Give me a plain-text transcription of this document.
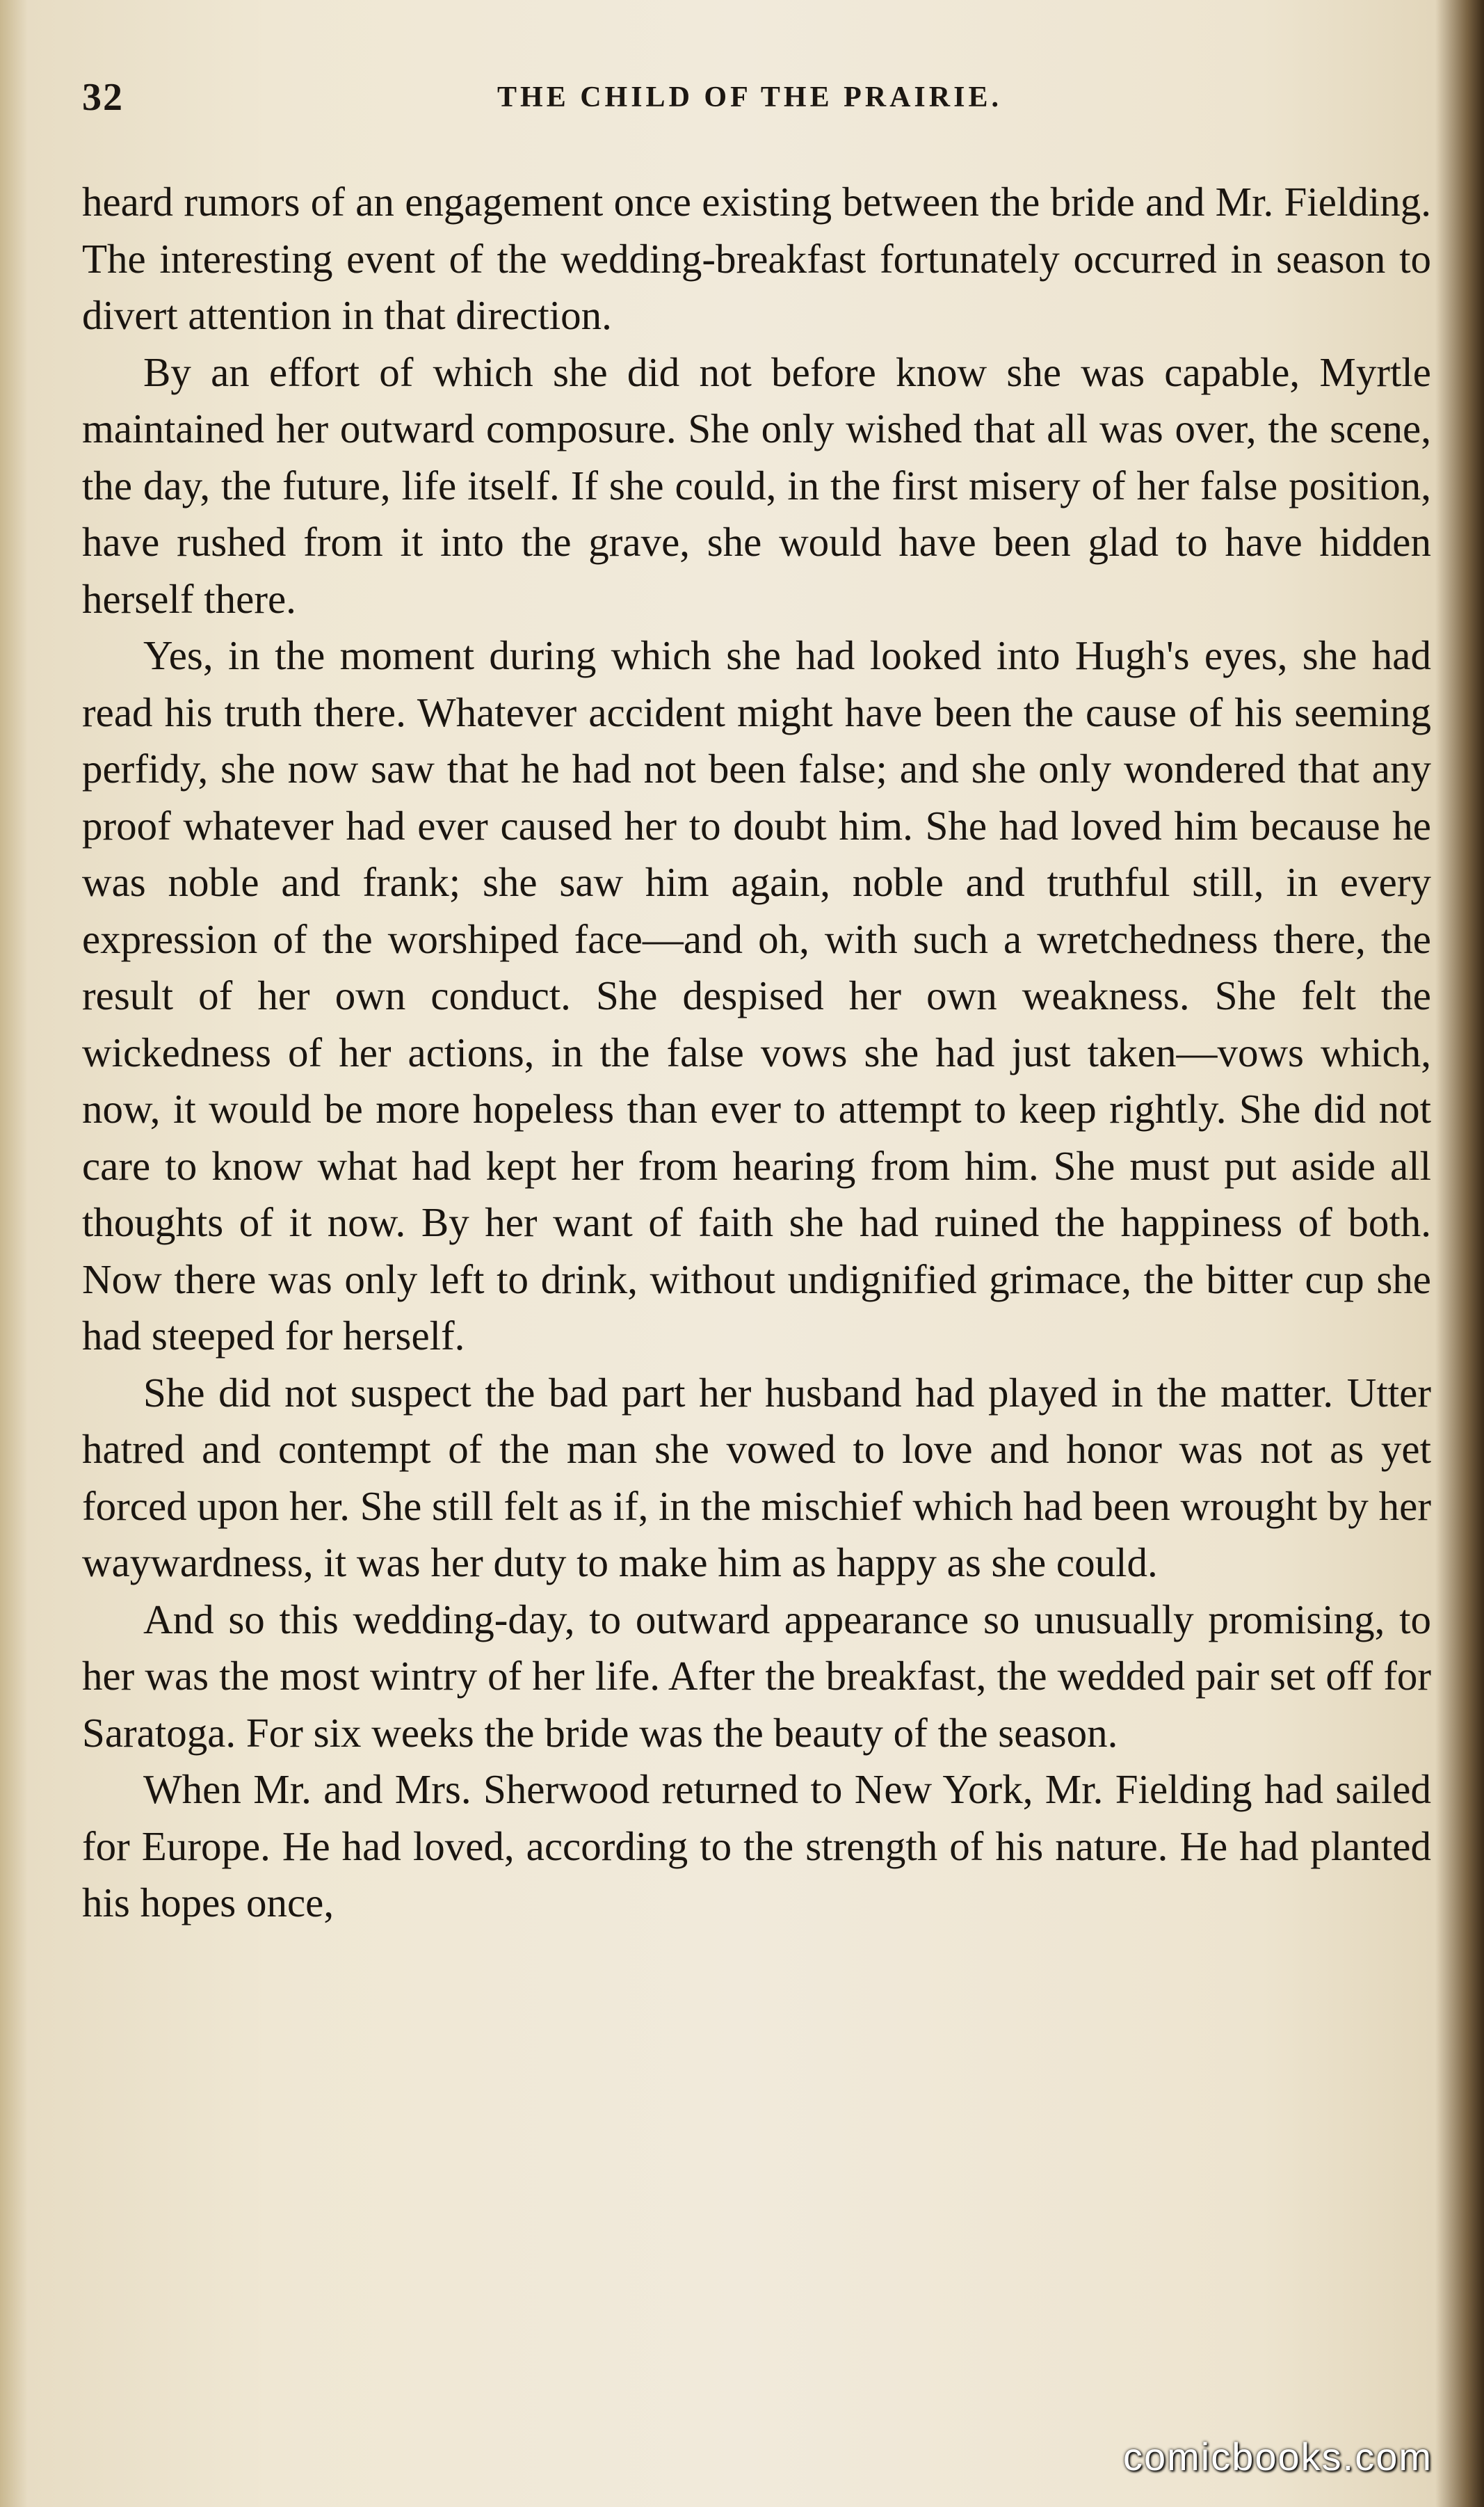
32	THE CHILD OF THE PRAIRIE.

heard rumors of an engagement once existing between the bride and Mr. Fielding. The interesting event of the wedding-breakfast fortunately occurred in season to divert attention in that direction.

By an effort of which she did not before know she was capable, Myrtle maintained her outward composure. She only wished that all was over, the scene, the day, the future, life itself. If she could, in the first misery of her false position, have rushed from it into the grave, she would have been glad to have hidden herself there.

Yes, in the moment during which she had looked into Hugh's eyes, she had read his truth there. Whatever accident might have been the cause of his seeming perfidy, she now saw that he had not been false; and she only wondered that any proof whatever had ever caused her to doubt him. She had loved him because he was noble and frank; she saw him again, noble and truthful still, in every expression of the worshiped face—and oh, with such a wretchedness there, the result of her own conduct. She despised her own weakness. She felt the wickedness of her actions, in the false vows she had just taken—vows which, now, it would be more hopeless than ever to attempt to keep rightly. She did not care to know what had kept her from hearing from him. She must put aside all thoughts of it now. By her want of faith she had ruined the happiness of both. Now there was only left to drink, without undignified grimace, the bitter cup she had steeped for herself.

She did not suspect the bad part her husband had played in the matter. Utter hatred and contempt of the man she vowed to love and honor was not as yet forced upon her. She still felt as if, in the mischief which had been wrought by her waywardness, it was her duty to make him as happy as she could.

And so this wedding-day, to outward appearance so unusually promising, to her was the most wintry of her life. After the breakfast, the wedded pair set off for Saratoga. For six weeks the bride was the beauty of the season.

When Mr. and Mrs. Sherwood returned to New York, Mr. Fielding had sailed for Europe. He had loved, according to the strength of his nature. He had planted his hopes once,

comicbooks.com
